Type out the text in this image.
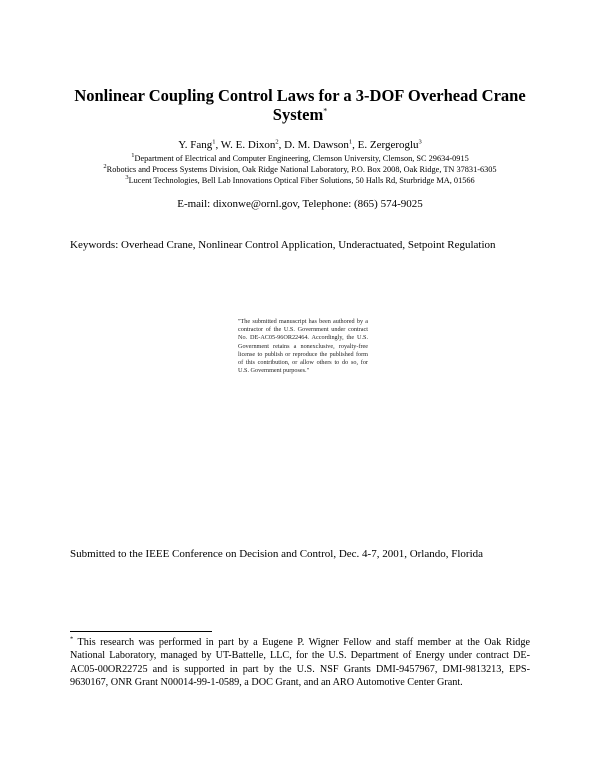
Nonlinear Coupling Control Laws for a 3-DOF Overhead Crane System*
Y. Fang$^1$, W. E. Dixon$^2$, D. M. Dawson$^1$, E. Zergeroglu$^3$
$^1$Department of Electrical and Computer Engineering, Clemson University, Clemson, SC 29634-0915
$^2$Robotics and Process Systems Division, Oak Ridge National Laboratory, P.O. Box 2008, Oak Ridge, TN 37831-6305
$^3$Lucent Technologies, Bell Lab Innovations Optical Fiber Solutions, 50 Halls Rd, Sturbridge MA, 01566
E-mail: dixonwe@ornl.gov, Telephone: (865) 574-9025
Keywords: Overhead Crane, Nonlinear Control Application, Underactuated, Setpoint Regulation
"The submitted manuscript has been authored by a contractor of the U.S. Government under contract No. DE-AC05-96OR22464. Accordingly, the U.S. Government retains a nonexclusive, royalty-free license to publish or reproduce the published form of this contribution, or allow others to do so, for U.S. Government purposes."
Submitted to the IEEE Conference on Decision and Control, Dec. 4-7, 2001, Orlando, Florida
* This research was performed in part by a Eugene P. Wigner Fellow and staff member at the Oak Ridge National Laboratory, managed by UT-Battelle, LLC, for the U.S. Department of Energy under contract DE-AC05-00OR22725 and is supported in part by the U.S. NSF Grants DMI-9457967, DMI-9813213, EPS-9630167, ONR Grant N00014-99-1-0589, a DOC Grant, and an ARO Automotive Center Grant.
